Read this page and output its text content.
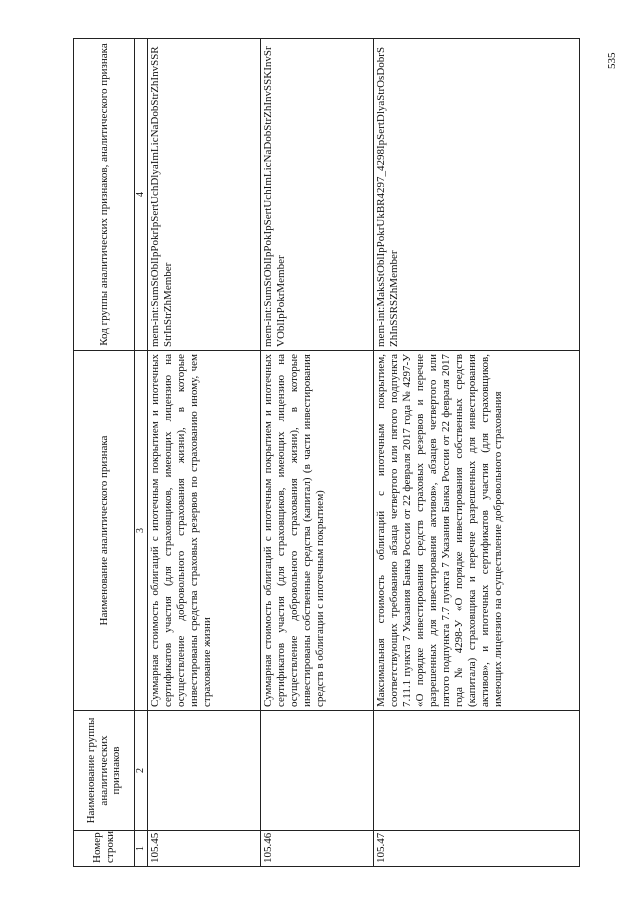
Номер строки	Наименование группы аналитических признаков	Наименование аналитического признака	Код группы аналитических признаков, аналитического признака
1	2	3	4
105.45		Суммарная стоимость облигаций с ипотечным покрытием и ипотечных сертификатов участия (для страховщиков, имеющих лицензию на осуществление добровольного страхования жизни), в которые инвестированы средства страховых резервов по страхованию иному, чем страхование жизни	mem-int:SumStOblIpPokrIpSertUchDlyaImLicNaDobStrZhInvSSRStrInStrZhMember
105.46		Суммарная стоимость облигаций с ипотечным покрытием и ипотечных сертификатов участия (для страховщиков, имеющих лицензию на осуществление добровольного страхования жизни), в которые инвестированы собственные средства (капитал) (в части инвестирования средств в облигации с ипотечным покрытием)	mem-int:SumStOblIpPokIpSertUchImLicNaDobStrZhInvSSKInvSrVOblIpPokrMember
105.47		Максимальная стоимость облигаций с ипотечным покрытием, соответствующих требованию абзаца четвертого или пятого подпункта 7.11.1 пункта 7 Указания Банка России от 22 февраля 2017 года № 4297-У «О порядке инвестирования средств страховых резервов и перечне разрешенных для инвестирования активов», абзацев четвертого или пятого подпункта 7.7 пункта 7 Указания Банка России от 22 февраля 2017 года № 4298-У «О порядке инвестирования собственных средств (капитала) страховщика и перечне разрешенных для инвестирования активов», и ипотечных сертификатов участия (для страховщиков, имеющих лицензию на осуществление добровольного страхования	mem-int:MaksStOblIpPokrUkBR4297_4298IpSertDlyaStrOsDobrSZhInSSRSZhMember
535
